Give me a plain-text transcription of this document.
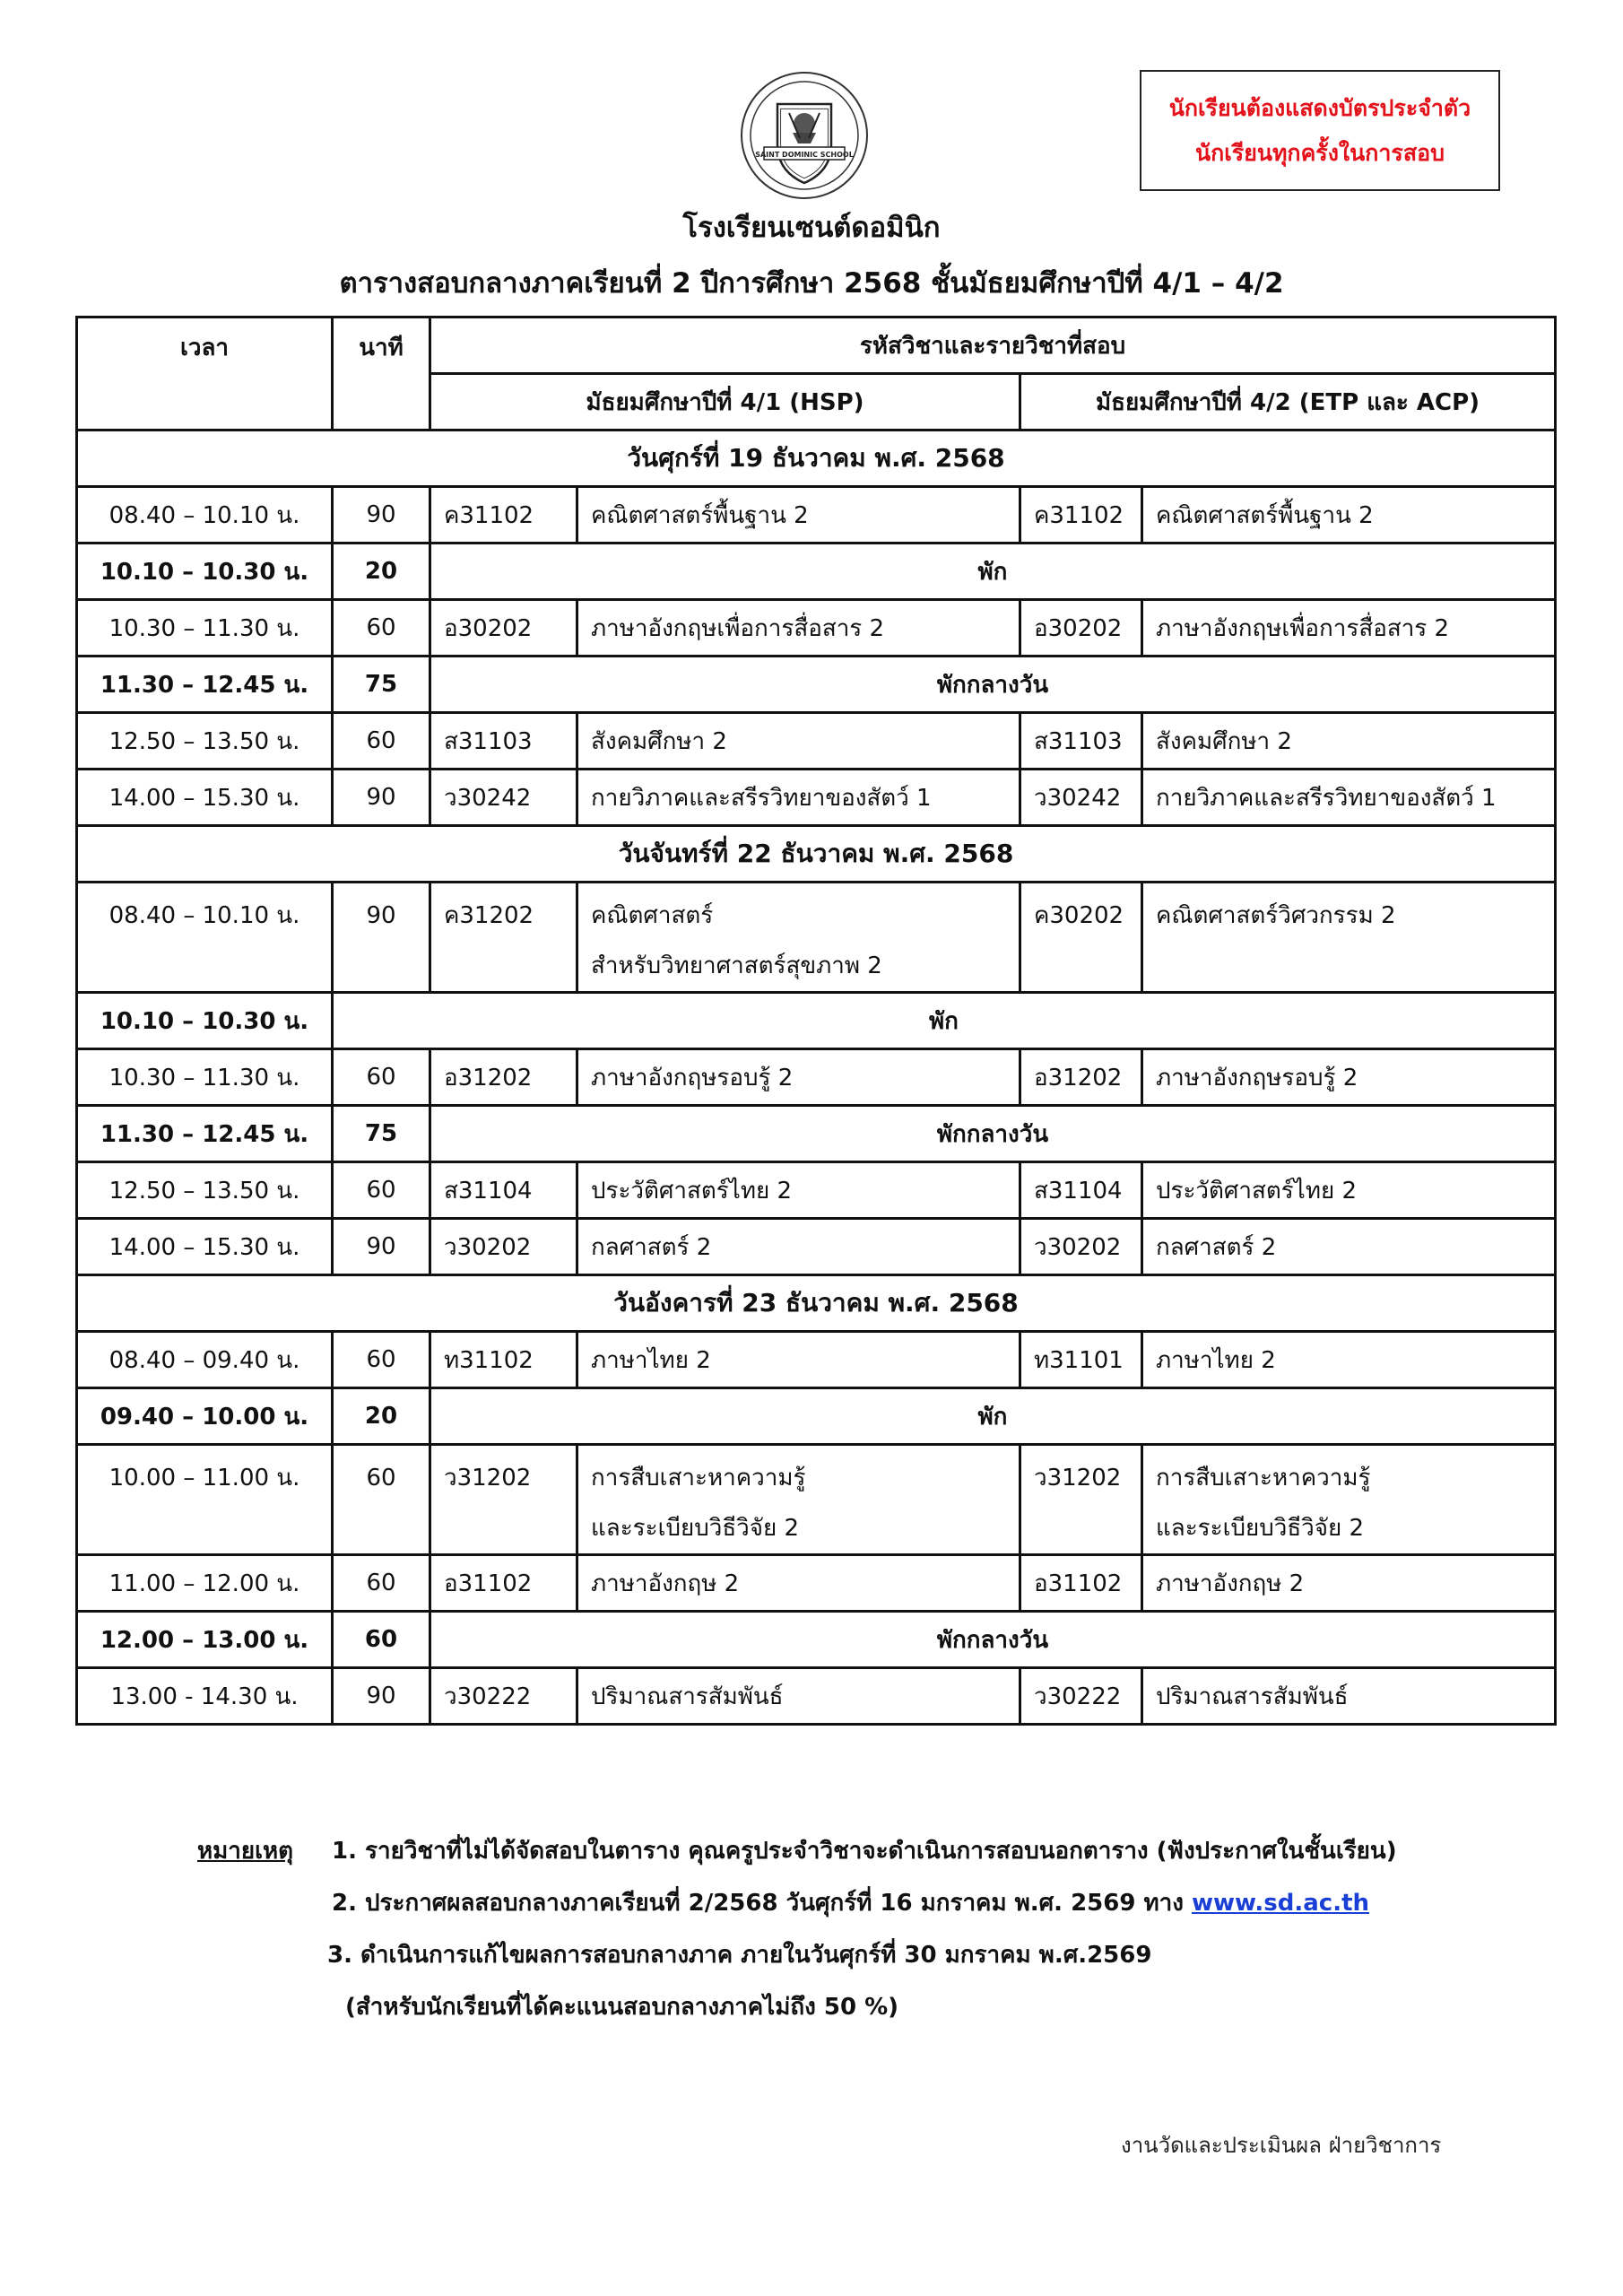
นักเรียนต้องแสดงบัตรประจำตัว
นักเรียนทุกครั้งในการสอบ
SAINT DOMINIC SCHOOL
โรงเรียนเซนต์ดอมินิก
ตารางสอบกลางภาคเรียนที่ 2 ปีการศึกษา 2568 ชั้นมัธยมศึกษาปีที่ 4/1 – 4/2
เวลา	นาที	รหัสวิชาและรายวิชาที่สอบ			
		มัธยมศึกษาปีที่ 4/1 (HSP)		มัธยมศึกษาปีที่ 4/2 (ETP และ ACP)	
วันศุกร์ที่ 19 ธันวาคม พ.ศ. 2568					
08.40 – 10.10 น.	90	ค31102	คณิตศาสตร์พื้นฐาน 2	ค31102	คณิตศาสตร์พื้นฐาน 2

10.10 – 10.30 น.	20	พัก			
10.30 – 11.30 น.	60	อ30202	ภาษาอังกฤษเพื่อการสื่อสาร 2	อ30202	ภาษาอังกฤษเพื่อการสื่อสาร 2

11.30 – 12.45 น.	75	พักกลางวัน			
12.50 – 13.50 น.	60	ส31103	สังคมศึกษา 2	ส31103	สังคมศึกษา 2

14.00 – 15.30 น.	90	ว30242	กายวิภาคและสรีรวิทยาของสัตว์ 1	ว30242	กายวิภาคและสรีรวิทยาของสัตว์ 1

วันจันทร์ที่ 22 ธันวาคม พ.ศ. 2568					
08.40 – 10.10 น.	90	ค31202	คณิตศาสตร์
สำหรับวิทยาศาสตร์สุขภาพ 2	ค30202	คณิตศาสตร์วิศวกรรม 2

10.10 – 10.30 น.	พัก				
10.30 – 11.30 น.	60	อ31202	ภาษาอังกฤษรอบรู้ 2	อ31202	ภาษาอังกฤษรอบรู้ 2

11.30 – 12.45 น.	75	พักกลางวัน			
12.50 – 13.50 น.	60	ส31104	ประวัติศาสตร์ไทย 2	ส31104	ประวัติศาสตร์ไทย 2

14.00 – 15.30 น.	90	ว30202	กลศาสตร์ 2	ว30202	กลศาสตร์ 2

วันอังคารที่ 23 ธันวาคม พ.ศ. 2568					
08.40 – 09.40 น.	60	ท31102	ภาษาไทย 2	ท31101	ภาษาไทย 2

09.40 – 10.00 น.	20	พัก			
10.00 – 11.00 น.	60	ว31202	การสืบเสาะหาความรู้
และระเบียบวิธีวิจัย 2	ว31202	การสืบเสาะหาความรู้
และระเบียบวิธีวิจัย 2

11.00 – 12.00 น.	60	อ31102	ภาษาอังกฤษ 2	อ31102	ภาษาอังกฤษ 2

12.00 – 13.00 น.	60	พักกลางวัน			
13.00 - 14.30 น.	90	ว30222	ปริมาณสารสัมพันธ์	ว30222	ปริมาณสารสัมพันธ์
หมายเหตุ 1. รายวิชาที่ไม่ได้จัดสอบในตาราง คุณครูประจำวิชาจะดำเนินการสอบนอกตาราง (ฟังประกาศในชั้นเรียน)
2. ประกาศผลสอบกลางภาคเรียนที่ 2/2568 วันศุกร์ที่ 16 มกราคม พ.ศ. 2569 ทาง www.sd.ac.th
3. ดำเนินการแก้ไขผลการสอบกลางภาค ภายในวันศุกร์ที่ 30 มกราคม พ.ศ.2569
(สำหรับนักเรียนที่ได้คะแนนสอบกลางภาคไม่ถึง 50 %)
งานวัดและประเมินผล ฝ่ายวิชาการ
